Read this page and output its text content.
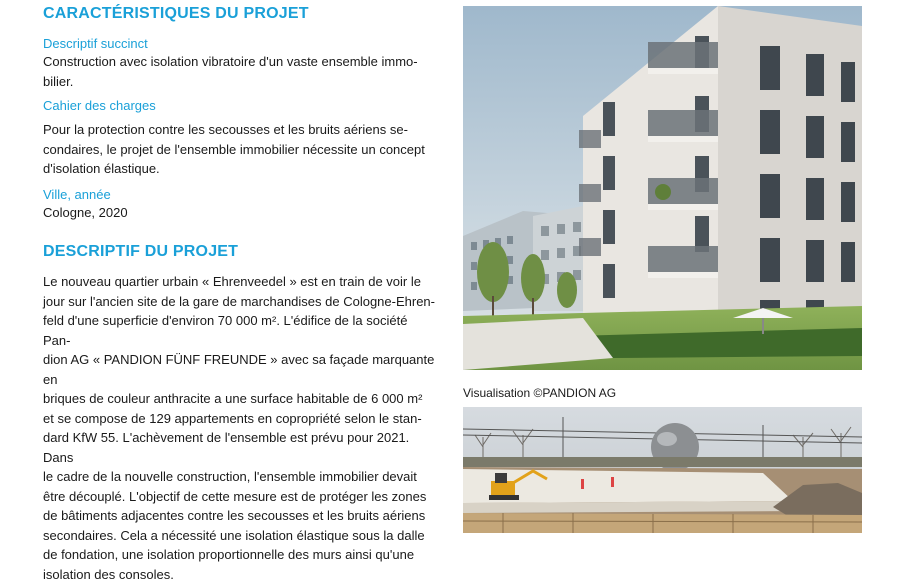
CARACTÉRISTIQUES DU PROJET

Descriptif succinct

Construction avec isolation vibratoire d'un vaste ensemble immo-

bilier.

Cahier des charges

Pour la protection contre les secousses et les bruits aériens se-

condaires, le projet de l'ensemble immobilier nécessite un concept

d'isolation élastique.

Ville, année

Cologne, 2020

DESCRIPTIF DU PROJET

Le nouveau quartier urbain « Ehrenveedel » est en train de voir le

jour sur l'ancien site de la gare de marchandises de Cologne-Ehren-

feld d'une superficie d'environ 70 000 m². L'édifice de la société Pan-

dion AG « PANDION FÜNF FREUNDE » avec sa façade marquante en

briques de couleur anthracite a une surface habitable de 6 000 m²

et se compose de 129 appartements en copropriété selon le stan-

dard KfW 55. L'achèvement de l'ensemble est prévu pour 2021. Dans

le cadre de la nouvelle construction, l'ensemble immobilier devait

être découplé. L'objectif de cette mesure est de protéger les zones

de bâtiments adjacentes contre les secousses et les bruits aériens

secondaires. Cela a nécessité une isolation élastique sous la dalle

de fondation, une isolation proportionnelle des murs ainsi qu'une

isolation des consoles.

Visualisation ©PANDION AG
